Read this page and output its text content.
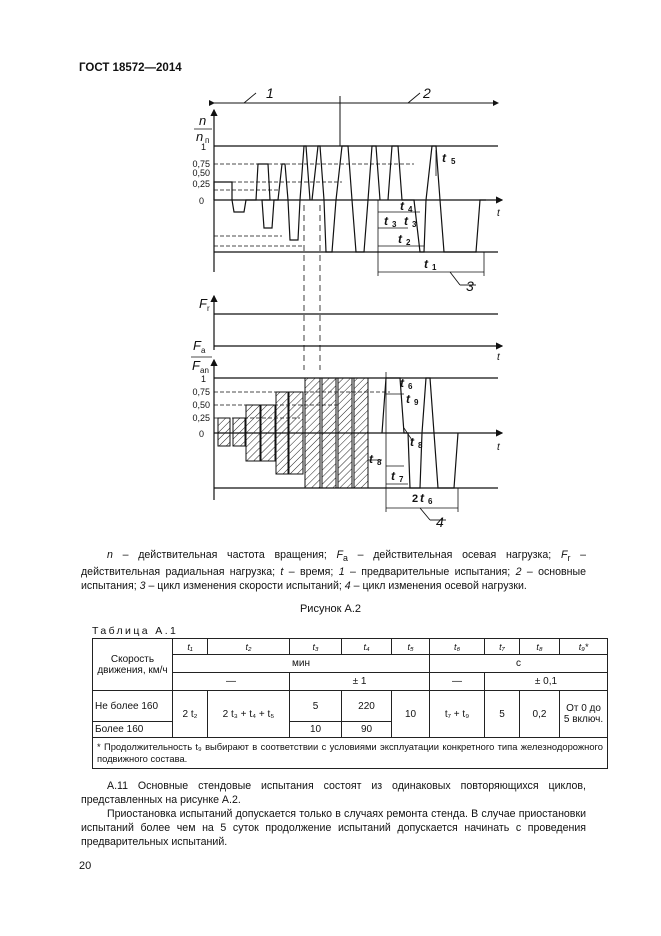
ГОСТ 18572—2014
1	2
n
n п
1
0,75
0,50
0,25
0
t
t 5
t 4
t 3 t 3
t 2
t 1
3
F r
t
F a
F an
1
0,75
0,50
0,25
0
t
t 6
t 9
t 8
t 8
t 7
2 t 6
4

n – действительная частота вращения; $F_a$ – действительная осевая нагрузка; $F_r$ – действительная радиальная нагрузка; t – время; 1 – предварительные испытания; 2 – основные испытания; 3 – цикл изменения скорости испытаний; 4 – цикл изменения осевой нагрузки.

Рисунок А.2
Таблица А.1
Скорость движения, км/ч	t₁	t₂	t₃	t₄	t₅	t₆	t₇	t₈	t₉*
	мин					с			
	—		± 1			—	± 0,1		
Не более 160	2 t₂	2 t₃ + t₄ + t₅	5	220	10	t₇ + t₉	5	0,2	От 0 до 5 включ.
Более 160			10	90					
* Продолжительность t₉ выбирают в соответствии с условиями эксплуатации конкретного типа железнодорожного подвижного состава.									

А.11 Основные стендовые испытания состоят из одинаковых повторяющихся циклов, представленных на рисунке А.2.

Приостановка испытаний допускается только в случаях ремонта стенда. В случае приостановки испытаний более чем на 5 суток продолжение испытаний допускается начинать с проведения предварительных испытаний.

20
